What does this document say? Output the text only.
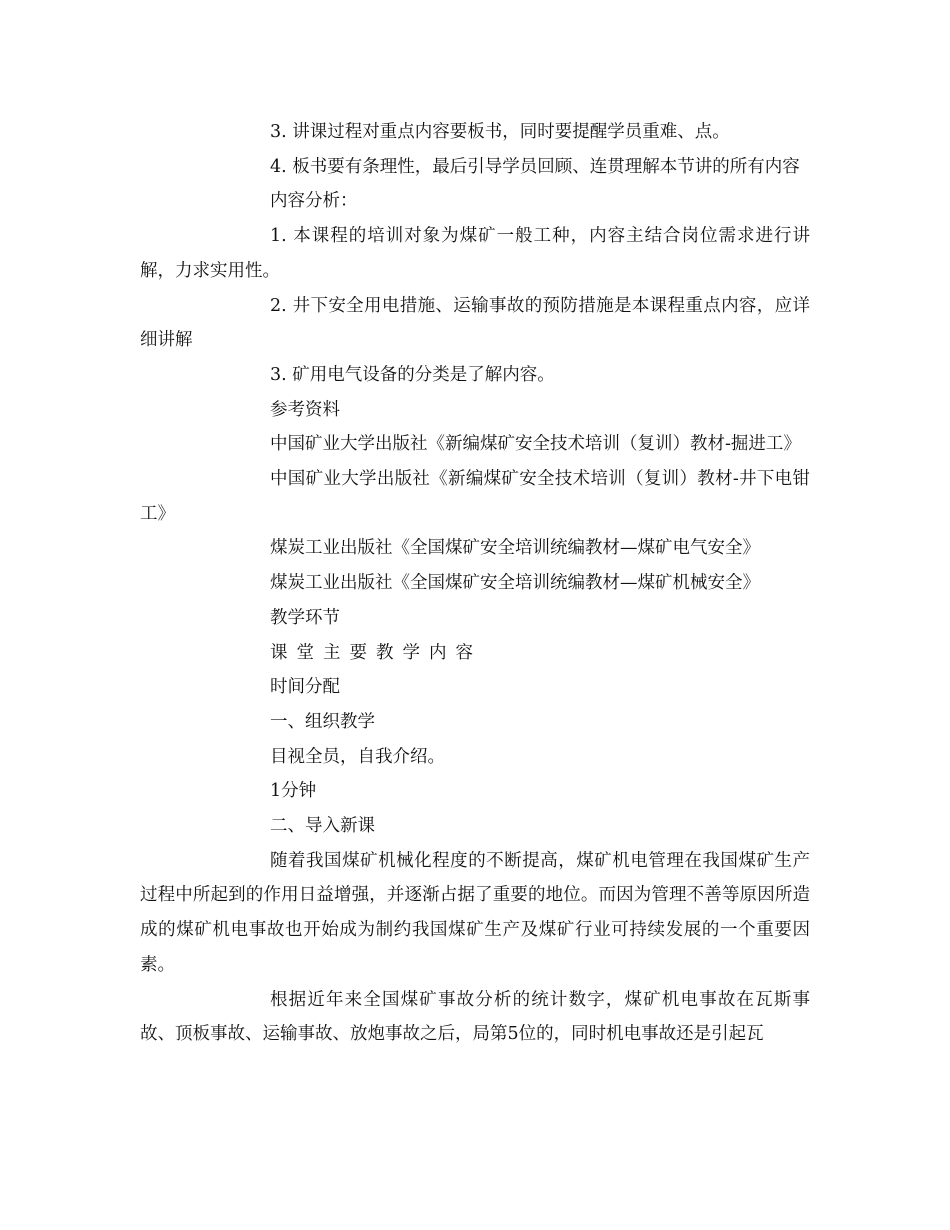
3. 讲课过程对重点内容要板书，同时要提醒学员重难、点。

4. 板书要有条理性，最后引导学员回顾、连贯理解本节讲的所有内容

内容分析：

1. 本课程的培训对象为煤矿一般工种，内容主结合岗位需求进行讲解，力求实用性。

2. 井下安全用电措施、运输事故的预防措施是本课程重点内容，应详细讲解

3. 矿用电气设备的分类是了解内容。

参考资料

中国矿业大学出版社《新编煤矿安全技术培训（复训）教材-掘进工》

中国矿业大学出版社《新编煤矿安全技术培训（复训）教材-井下电钳工》

煤炭工业出版社《全国煤矿安全培训统编教材—煤矿电气安全》

煤炭工业出版社《全国煤矿安全培训统编教材—煤矿机械安全》

教学环节

课堂主要教学内容

时间分配

一、组织教学

目视全员，自我介绍。

1分钟

二、导入新课

随着我国煤矿机械化程度的不断提高，煤矿机电管理在我国煤矿生产过程中所起到的作用日益增强，并逐渐占据了重要的地位。而因为管理不善等原因所造成的煤矿机电事故也开始成为制约我国煤矿生产及煤矿行业可持续发展的一个重要因素。

根据近年来全国煤矿事故分析的统计数字，煤矿机电事故在瓦斯事故、顶板事故、运输事故、放炮事故之后，局第5位的，同时机电事故还是引起瓦
